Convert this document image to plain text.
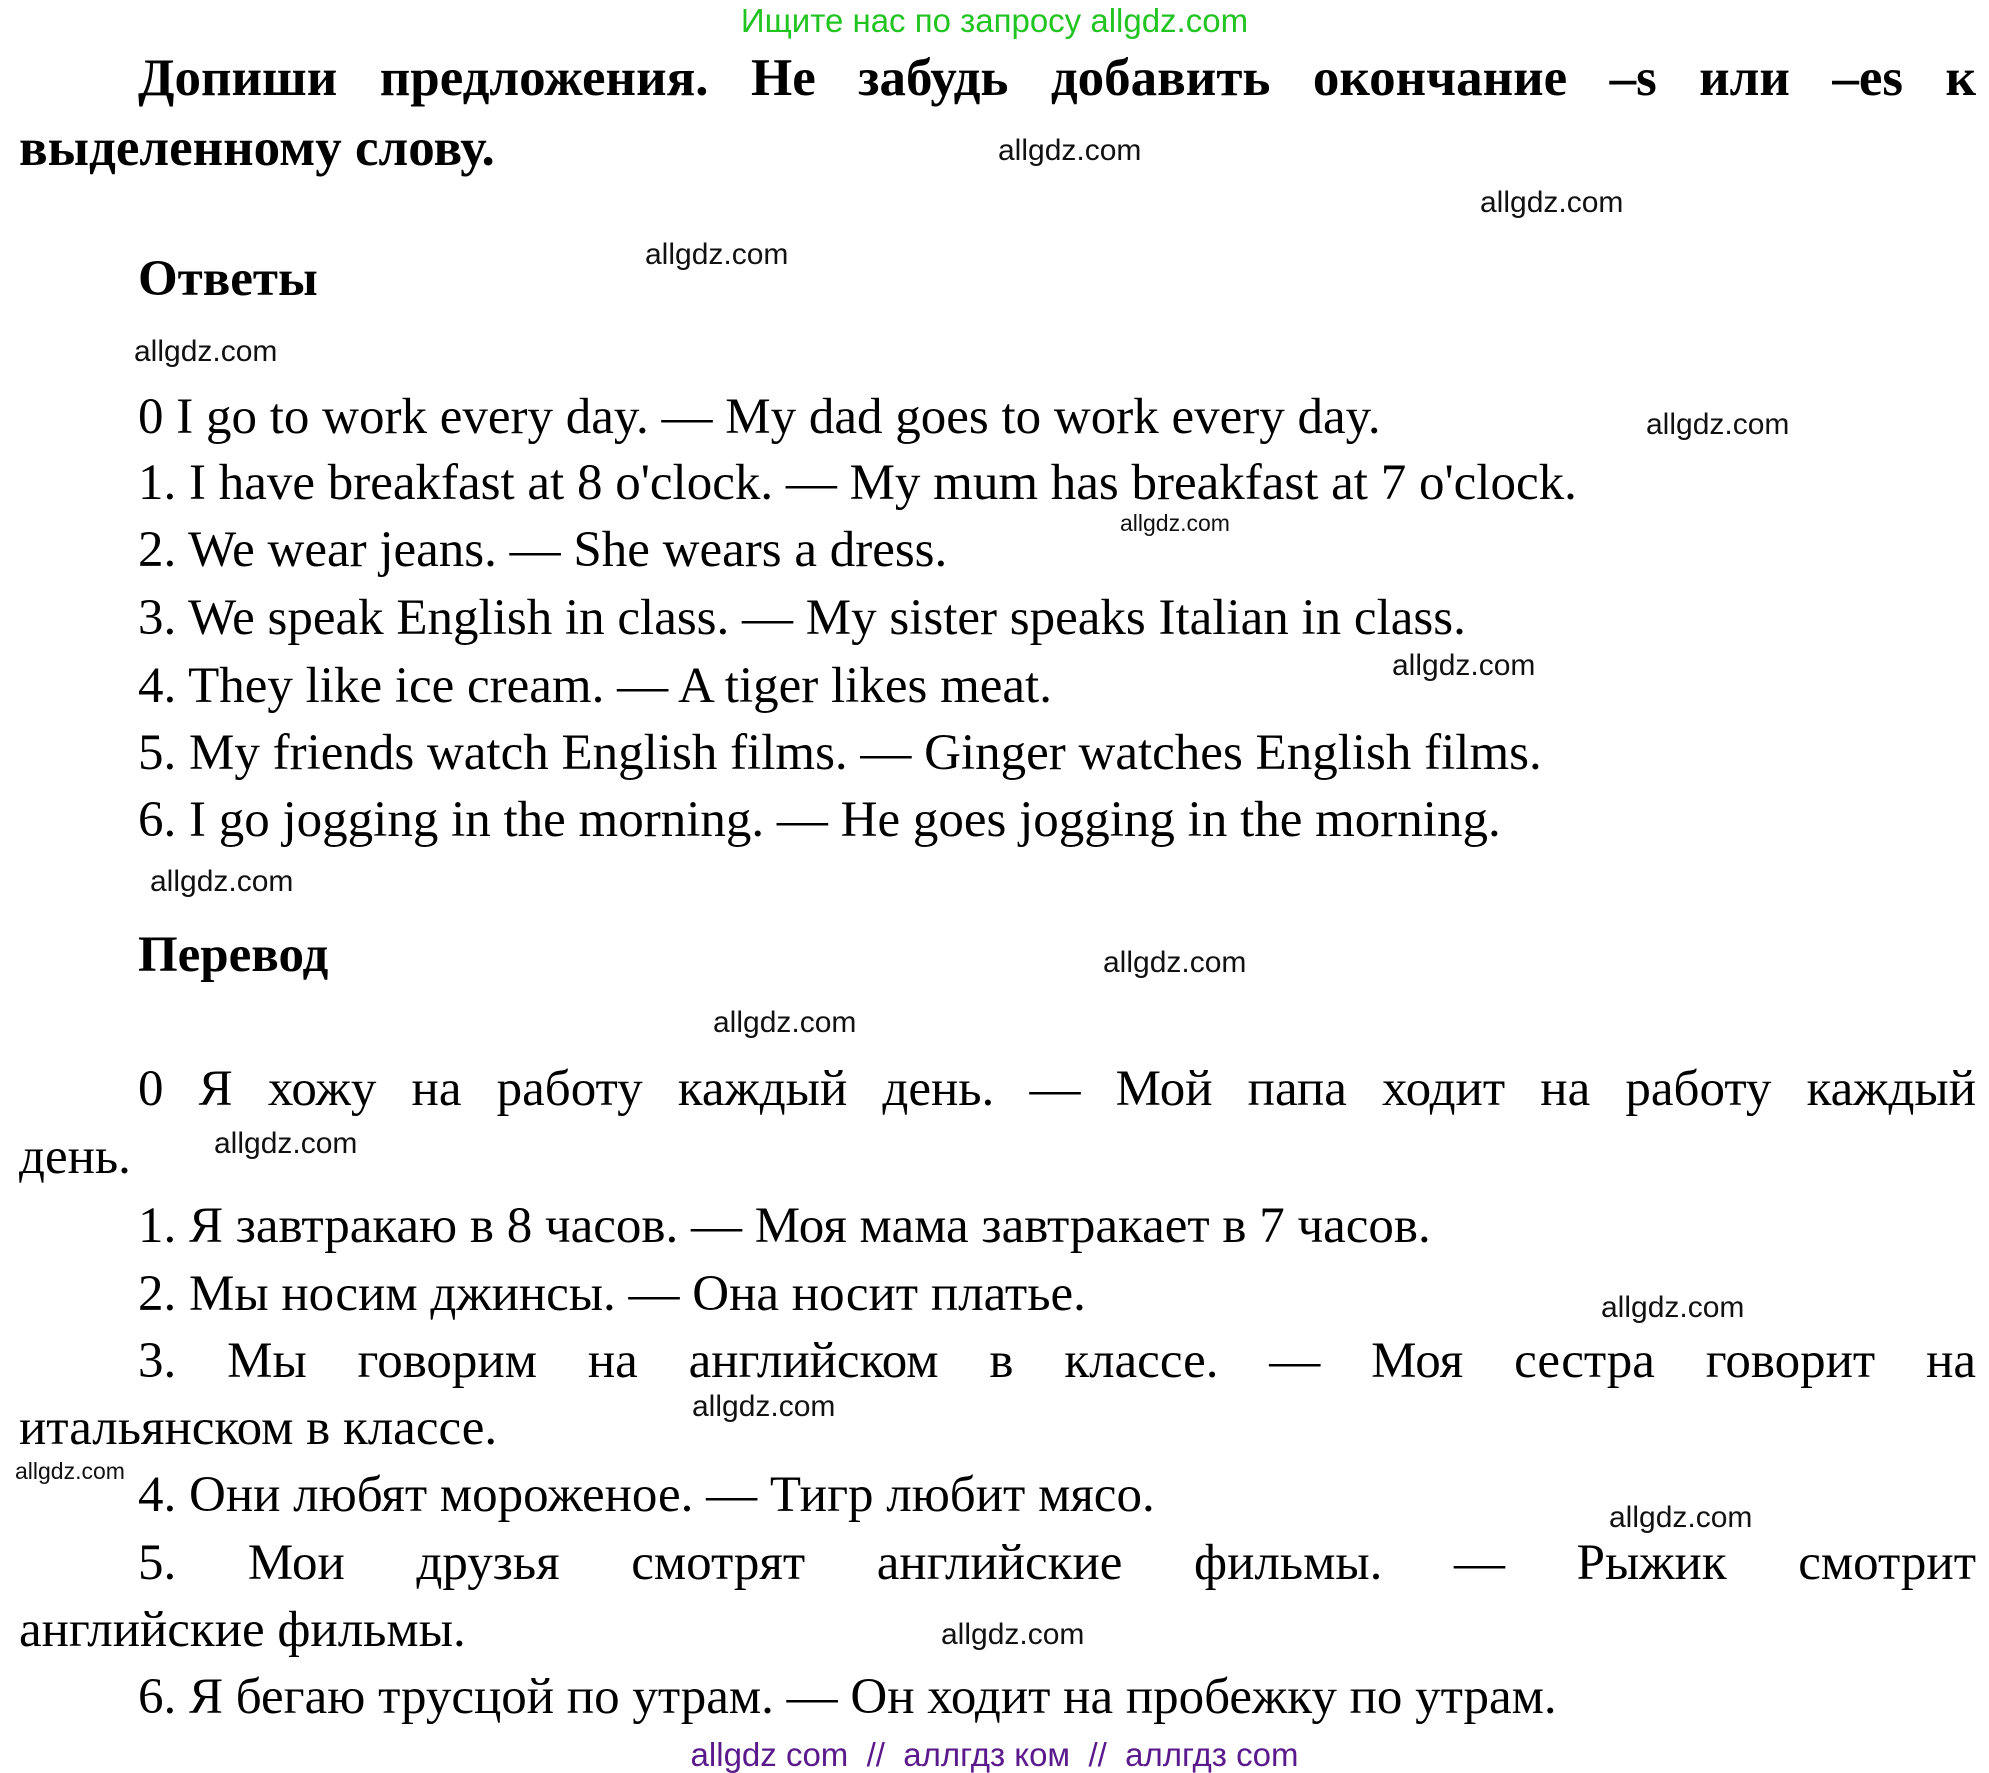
Ищите нас по запросу allgdz.com
Допиши предложения. Не забудь добавить окончание –s или –es к
выделенному слову.
Ответы
0 I go to work every day. — My dad goes to work every day.
1. I have breakfast at 8 o'clock. — My mum has breakfast at 7 o'clock.
2. We wear jeans. — She wears a dress.
3. We speak English in class. — My sister speaks Italian in class.
4. They like ice cream. — A tiger likes meat.
5. My friends watch English films. — Ginger watches English films.
6. I go jogging in the morning. — He goes jogging in the morning.
Перевод
0 Я хожу на работу каждый день. — Мой папа ходит на работу каждый
день.
1. Я завтракаю в 8 часов. — Моя мама завтракает в 7 часов.
2. Мы носим джинсы. — Она носит платье.
3. Мы говорим на английском в классе. — Моя сестра говорит на
итальянском в классе.
4. Они любят мороженое. — Тигр любит мясо.
5. Мои друзья смотрят английские фильмы. — Рыжик смотрит
английские фильмы.
6. Я бегаю трусцой по утрам. — Он ходит на пробежку по утрам.
allgdz.com
allgdz.com
allgdz.com
allgdz.com
allgdz.com
allgdz.com
allgdz.com
allgdz.com
allgdz.com
allgdz.com
allgdz.com
allgdz.com
allgdz.com
allgdz.com
allgdz.com
allgdz.com
allgdz com  //  аллгдз ком  //  аллгдз com
